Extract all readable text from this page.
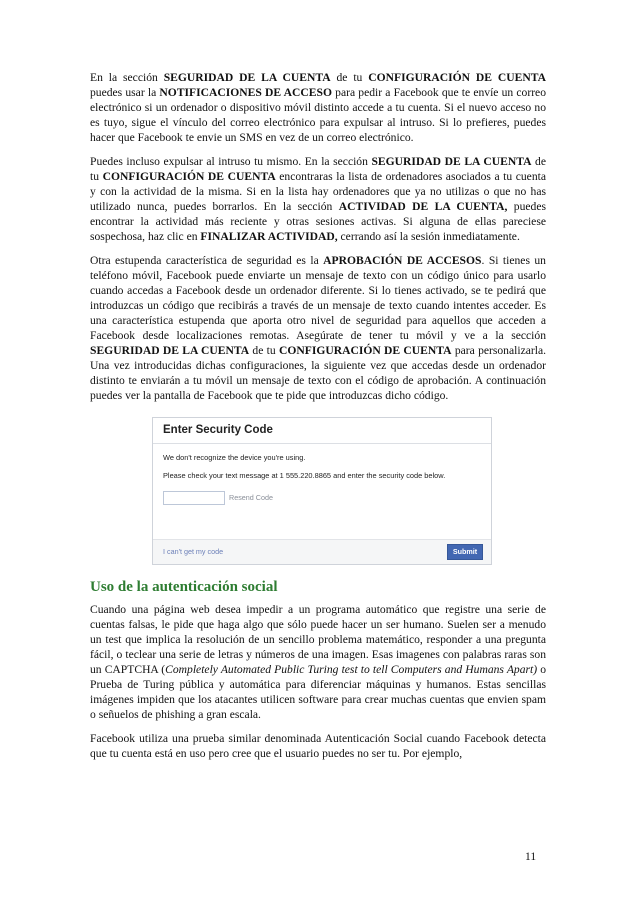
En la sección SEGURIDAD DE LA CUENTA de tu CONFIGURACIÓN DE CUENTA puedes usar la NOTIFICACIONES DE ACCESO para pedir a Facebook que te envíe un correo electrónico si un ordenador o dispositivo móvil distinto accede a tu cuenta. Si el nuevo acceso no es tuyo, sigue el vínculo del correo electrónico para expulsar al intruso. Si lo prefieres, puedes hacer que Facebook te envie un SMS en vez de un correo electrónico.

Puedes incluso expulsar al intruso tu mismo. En la sección SEGURIDAD DE LA CUENTA de tu CONFIGURACIÓN DE CUENTA encontraras la lista de ordenadores asociados a tu cuenta y con la actividad de la misma. Si en la lista hay ordenadores que ya no utilizas o que no has utilizado nunca, puedes borrarlos. En la sección ACTIVIDAD DE LA CUENTA, puedes encontrar la actividad más reciente y otras sesiones activas. Si alguna de ellas pareciese sospechosa, haz clic en FINALIZAR ACTIVIDAD, cerrando así la sesión inmediatamente.

Otra estupenda característica de seguridad es la APROBACIÓN DE ACCESOS. Si tienes un teléfono móvil, Facebook puede enviarte un mensaje de texto con un código único para usarlo cuando accedas a Facebook desde un ordenador diferente. Si lo tienes activado, se te pedirá que introduzcas un código que recibirás a través de un mensaje de texto cuando intentes acceder. Es una característica estupenda que aporta otro nivel de seguridad para aquellos que acceden a Facebook desde localizaciones remotas. Asegúrate de tener tu móvil y ve a la sección SEGURIDAD DE LA CUENTA de tu CONFIGURACIÓN DE CUENTA para personalizarla. Una vez introducidas dichas configuraciones, la siguiente vez que accedas desde un ordenador distinto te enviarán a tu móvil un mensaje de texto con el código de aprobación. A continuación puedes ver la pantalla de Facebook que te pide que introduzcas dicho código.

Enter Security Code
We don't recognize the device you're using.
Please check your text message at 1 555.220.8865 and enter the security code below.
Resend Code
I can't get my code	Submit
Uso de la autenticación social

Cuando una página web desea impedir a un programa automático que registre una serie de cuentas falsas, le pide que haga algo que sólo puede hacer un ser humano. Suelen ser a menudo un test que implica la resolución de un sencillo problema matemático, responder a una pregunta fácil, o teclear una serie de letras y números de una imagen. Esas imagenes con palabras raras son un CAPTCHA (Completely Automated Public Turing test to tell Computers and Humans Apart) o Prueba de Turing pública y automática para diferenciar máquinas y humanos. Estas sencillas imágenes impiden que los atacantes utilicen software para crear muchas cuentas que envien spam o señuelos de phishing a gran escala.

Facebook utiliza una prueba similar denominada Autenticación Social cuando Facebook detecta que tu cuenta está en uso pero cree que el usuario puedes no ser tu. Por ejemplo,

11
